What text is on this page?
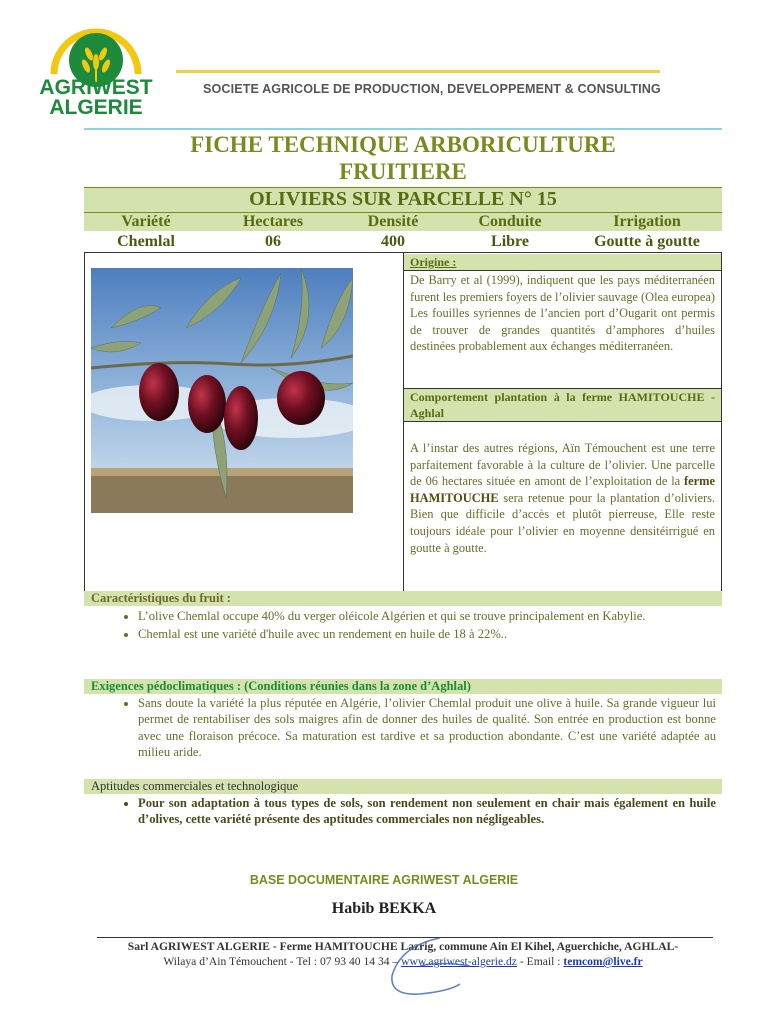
AGRIWEST
ALGERIE
SOCIETE AGRICOLE DE PRODUCTION, DEVELOPPEMENT & CONSULTING
FICHE TECHNIQUE ARBORICULTURE
FRUITIERE
OLIVIERS SUR PARCELLE N° 15
Variété	Hectares	Densité	Conduite	Irrigation
Chemlal	06	400	Libre	Goutte à goutte
Origine :
De Barry et al (1999), indiquent que les pays méditerranéen furent les premiers foyers de l’olivier sauvage (Olea europea) Les fouilles syriennes de l’ancien port d’Ougarit ont permis de trouver de grandes quantités d’amphores d’huiles destinées probablement aux échanges méditerranéen.
Comportement plantation à la ferme HAMITOUCHE - Aghlal
A l’instar des autres régions, Aïn Témouchent est une terre parfaitement favorable à la culture de l’olivier. Une parcelle de 06 hectares située en amont de l’exploitation de la ferme HAMITOUCHE sera retenue pour la plantation d’oliviers. Bien que difficile d’accès et plutôt pierreuse, Elle reste toujours idéale pour l’olivier en moyenne densitéirrigué en goutte à goutte.
Caractéristiques du fruit :
• L’olive Chemlal occupe 40% du verger oléicole Algérien et qui se trouve principalement en Kabylie.
• Chemlal est une variété d'huile avec un rendement en huile de 18 à 22%..
Exigences pédoclimatiques : (Conditions réunies dans la zone d’Aghlal)
• Sans doute la variété la plus réputée en Algérie, l’olivier Chemlal produit une olive à huile. Sa grande vigueur lui permet de rentabiliser des sols maigres afin de donner des huiles de qualité. Son entrée en production est bonne avec une floraison précoce. Sa maturation est tardive et sa production abondante. C’est une variété adaptée au milieu aride.
Aptitudes commerciales et technologique
• Pour son adaptation à tous types de sols, son rendement non seulement en chair mais également en huile d’olives, cette variété présente des aptitudes commerciales non négligeables.
BASE DOCUMENTAIRE AGRIWEST ALGERIE
Habib BEKKA
Sarl AGRIWEST ALGERIE - Ferme HAMITOUCHE Lazrig, commune Ain El Kihel, Aguerchiche, AGHLAL-
Wilaya d’Ain Témouchent - Tel : 07 93 40 14 34 – www.agriwest-algerie.dz - Email : temcom@live.fr
